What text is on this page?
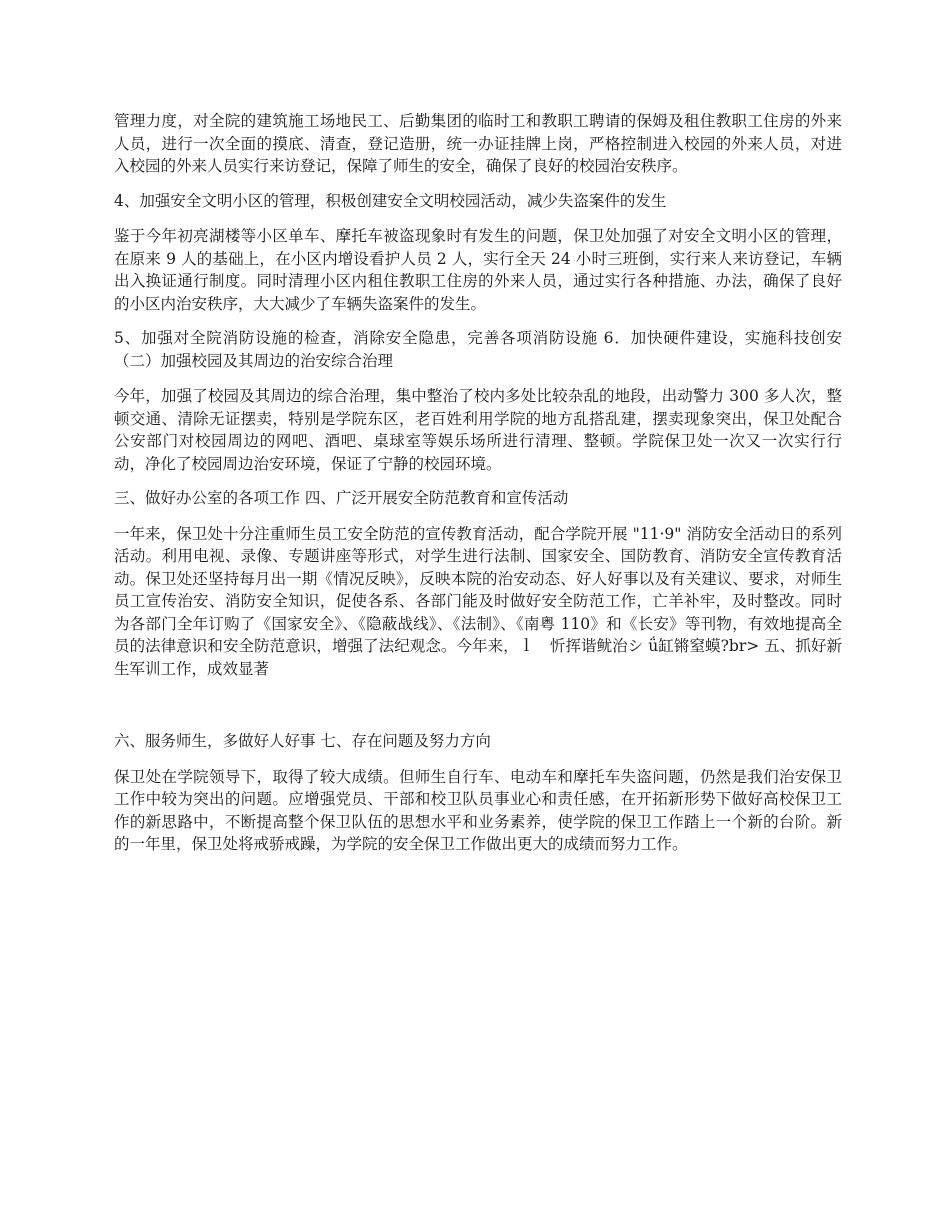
管理力度，对全院的建筑施工场地民工、后勤集团的临时工和教职工聘请的保姆及租住教职工住房的外来人员，进行一次全面的摸底、清查，登记造册，统一办证挂牌上岗，严格控制进入校园的外来人员，对进入校园的外来人员实行来访登记，保障了师生的安全，确保了良好的校园治安秩序。

4、加强安全文明小区的管理，积极创建安全文明校园活动，减少失盗案件的发生

鉴于今年初亮湖楼等小区单车、摩托车被盗现象时有发生的问题，保卫处加强了对安全文明小区的管理，在原来 9 人的基础上，在小区内增设看护人员 2 人，实行全天 24 小时三班倒，实行来人来访登记，车辆出入换证通行制度。同时清理小区内租住教职工住房的外来人员，通过实行各种措施、办法，确保了良好的小区内治安秩序，大大减少了车辆失盗案件的发生。

5、加强对全院消防设施的检查，消除安全隐患，完善各项消防设施 6．加快硬件建设，实施科技创安 （二）加强校园及其周边的治安综合治理

今年，加强了校园及其周边的综合治理，集中整治了校内多处比较杂乱的地段，出动警力 300 多人次，整顿交通、清除无证摆卖，特别是学院东区，老百姓利用学院的地方乱搭乱建，摆卖现象突出，保卫处配合公安部门对校园周边的网吧、酒吧、桌球室等娱乐场所进行清理、整顿。学院保卫处一次又一次实行行动，净化了校园周边治安环境，保证了宁静的校园环境。

三、做好办公室的各项工作 四、广泛开展安全防范教育和宣传活动

一年来，保卫处十分注重师生员工安全防范的宣传教育活动，配合学院开展 "11·9" 消防安全活动日的系列活动。利用电视、录像、专题讲座等形式，对学生进行法制、国家安全、国防教育、消防安全宣传教育活动。保卫处还坚持每月出一期《情况反映》，反映本院的治安动态、好人好事以及有关建议、要求，对师生员工宣传治安、消防安全知识，促使各系、各部门能及时做好安全防范工作，亡羊补牢，及时整改。同时为各部门全年订购了《国家安全》、《隐蔽战线》、《法制》、《南粤 110》和《长安》等刊物，有效地提高全员的法律意识和安全防范意识，增强了法纪观念。今年来，ｌ　忻挥谐鱿治シ ǘ缸锵窒蟆?br> 五、抓好新生军训工作，成效显著

六、服务师生，多做好人好事 七、存在问题及努力方向

保卫处在学院领导下，取得了较大成绩。但师生自行车、电动车和摩托车失盗问题，仍然是我们治安保卫工作中较为突出的问题。应增强党员、干部和校卫队员事业心和责任感，在开拓新形势下做好高校保卫工作的新思路中，不断提高整个保卫队伍的思想水平和业务素养，使学院的保卫工作踏上一个新的台阶。新的一年里，保卫处将戒骄戒躁，为学院的安全保卫工作做出更大的成绩而努力工作。
